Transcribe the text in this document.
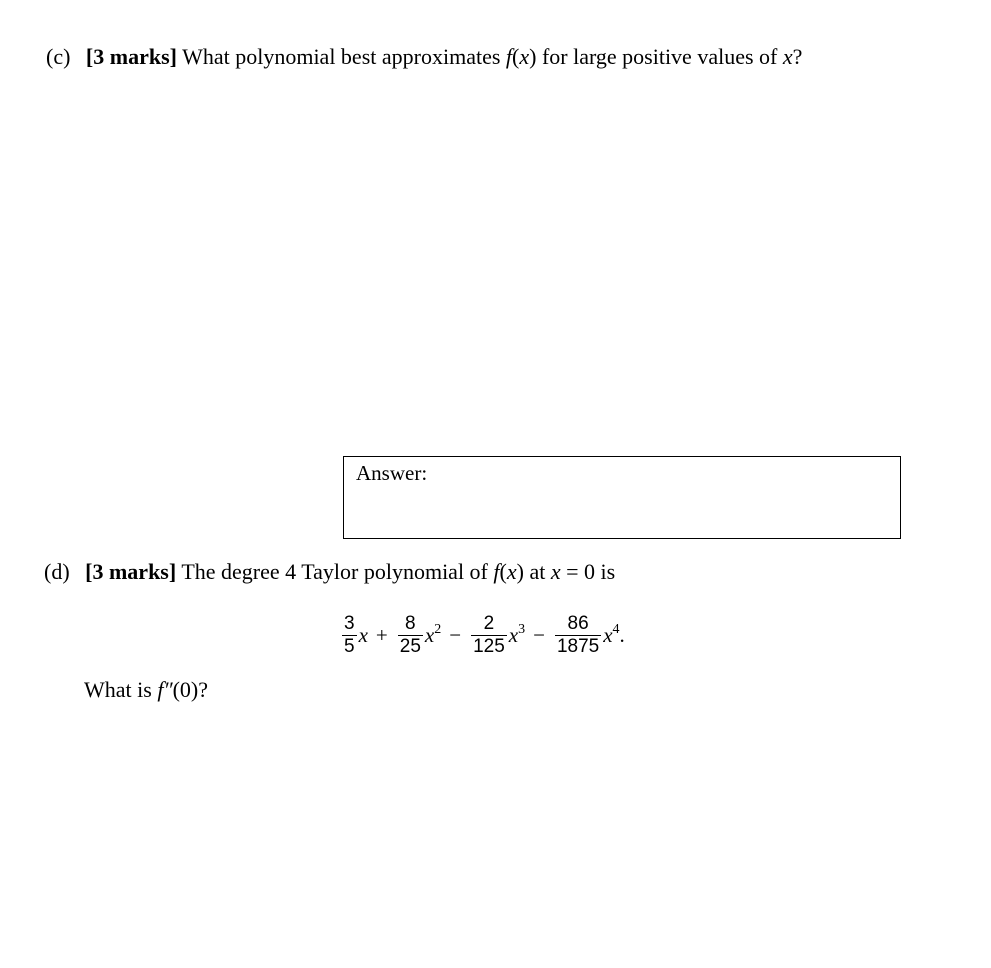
(c) [3 marks] What polynomial best approximates f(x) for large positive values of x?
Answer:
(d) [3 marks] The degree 4 Taylor polynomial of f(x) at x = 0 is
$\frac{3}{5}$ $x + \frac{8}{25} x^2 - \frac{2}{125} x^3 - \frac{86}{1875} x^4$ .
What is f″(0)?
